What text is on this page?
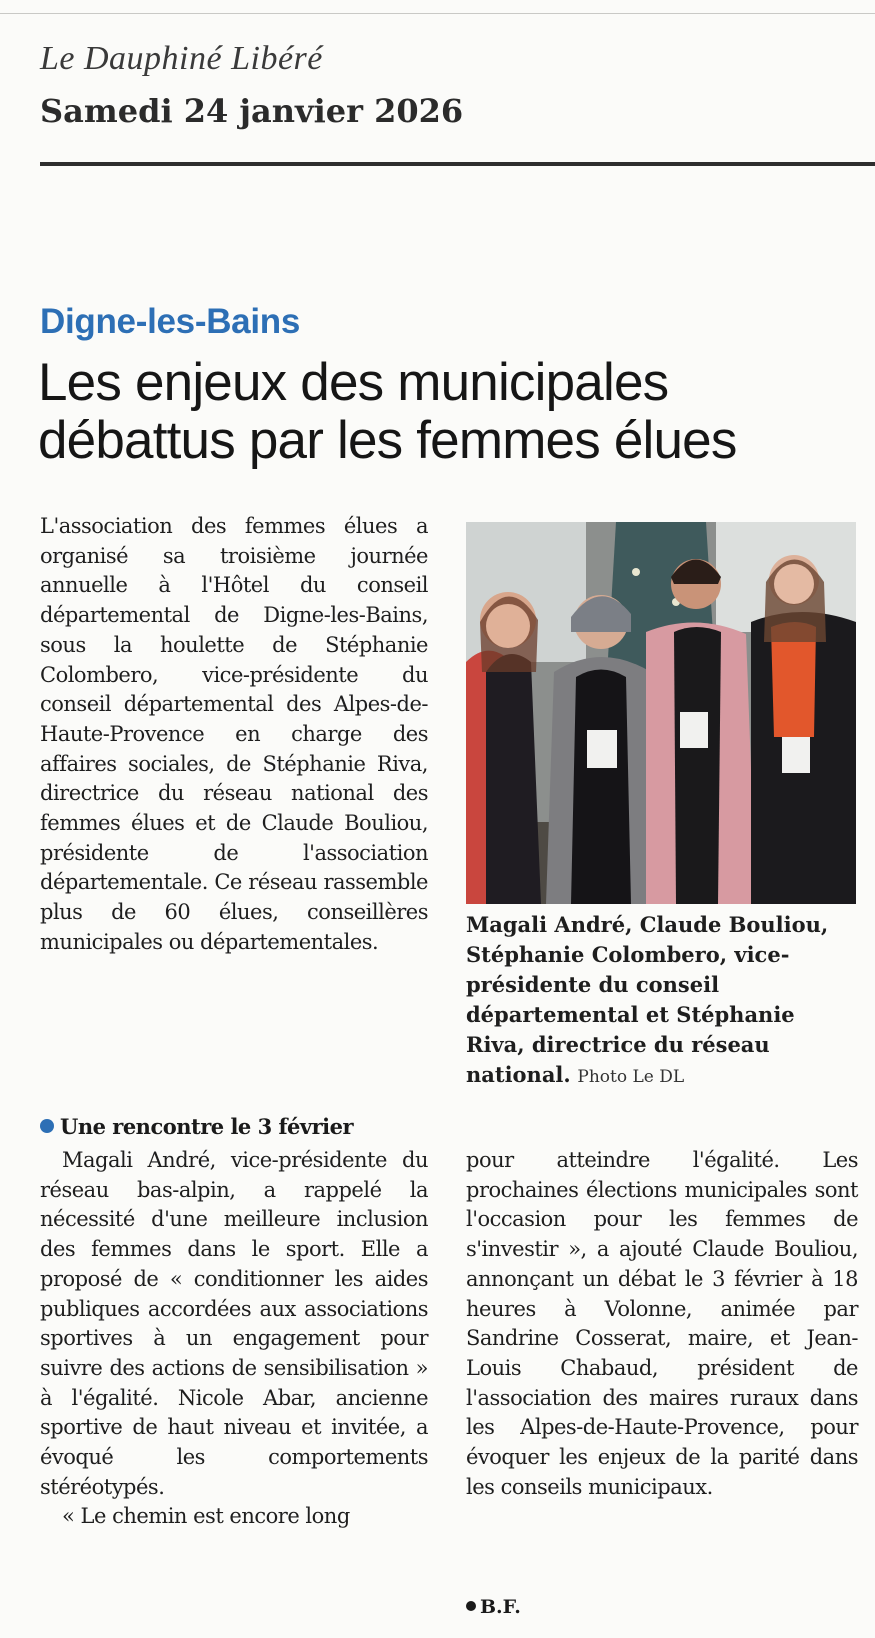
Le Dauphiné Libéré
Samedi 24 janvier 2026
Digne-les-Bains
Les enjeux des municipales débattus par les femmes élues

L'association des femmes élues a organisé sa troisième journée annuelle à l'Hôtel du conseil départemental de Digne-les-Bains, sous la houlette de Stéphanie Colombero, vice-présidente du conseil départemental des Alpes-de-Haute-Provence en charge des affaires sociales, de Stéphanie Riva, directrice du réseau national des femmes élues et de Claude Bouliou, présidente de l'association départementale. Ce réseau rassemble plus de 60 élues, conseillères municipales ou départementales.

Magali André, Claude Bouliou, Stéphanie Colombero, vice-présidente du conseil départemental et Stéphanie Riva, directrice du réseau national. Photo Le DL

Une rencontre le 3 février
Magali André, vice-présidente du réseau bas-alpin, a rappelé la nécessité d'une meilleure inclusion des femmes dans le sport. Elle a proposé de « conditionner les aides publiques accordées aux associations sportives à un engagement pour suivre des actions de sensibilisation » à l'égalité. Nicole Abar, ancienne sportive de haut niveau et invitée, a évoqué les comportements stéréotypés.
« Le chemin est encore long

pour atteindre l'égalité. Les prochaines élections municipales sont l'occasion pour les femmes de s'investir », a ajouté Claude Bouliou, annonçant un débat le 3 février à 18 heures à Volonne, animée par Sandrine Cosserat, maire, et Jean-Louis Chabaud, président de l'association des maires ruraux dans les Alpes-de-Haute-Provence, pour évoquer les enjeux de la parité dans les conseils municipaux.

B.F.
